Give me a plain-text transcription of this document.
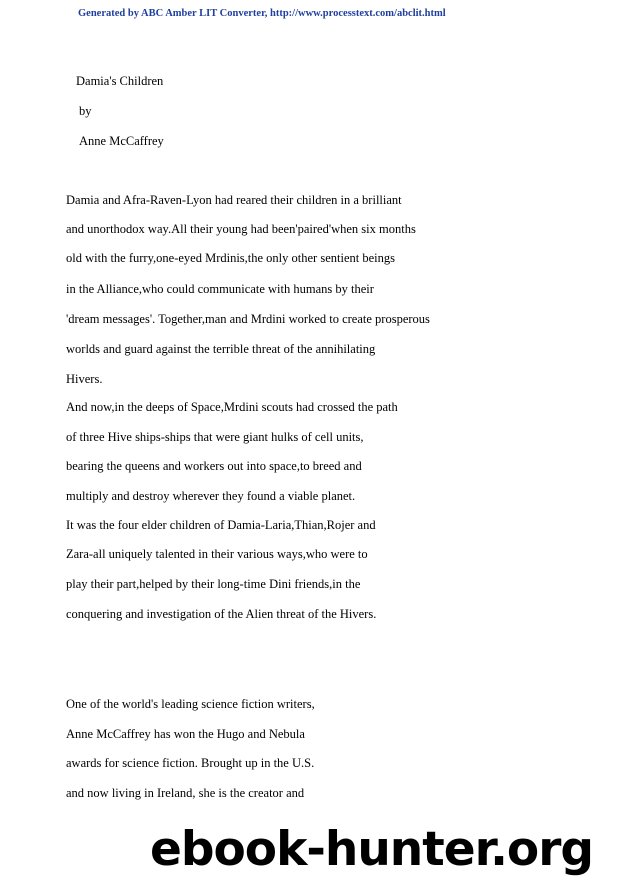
Generated by ABC Amber LIT Converter, http://www.processtext.com/abclit.html
Damia's Children
by
Anne McCaffrey
Damia and Afra-Raven-Lyon had reared their children in a brilliant
and unorthodox way.All their young had been'paired'when six months
old with the furry,one-eyed Mrdinis,the only other sentient beings
in the Alliance,who could communicate with humans by their
'dream messages'. Together,man and Mrdini worked to create prosperous
worlds and guard against the terrible threat of the annihilating
Hivers.
And now,in the deeps of Space,Mrdini scouts had crossed the path
of three Hive ships-ships that were giant hulks of cell units,
bearing the queens and workers out into space,to breed and
multiply and destroy wherever they found a viable planet.
It was the four elder children of Damia-Laria,Thian,Rojer and
Zara-all uniquely talented in their various ways,who were to
play their part,helped by their long-time Dini friends,in the
conquering and investigation of the Alien threat of the Hivers.
One of the world's leading science fiction writers,
Anne McCaffrey has won the Hugo and Nebula
awards for science fiction. Brought up in the U.S.
and now living in Ireland, she is the creator and
ebook-hunter.org
